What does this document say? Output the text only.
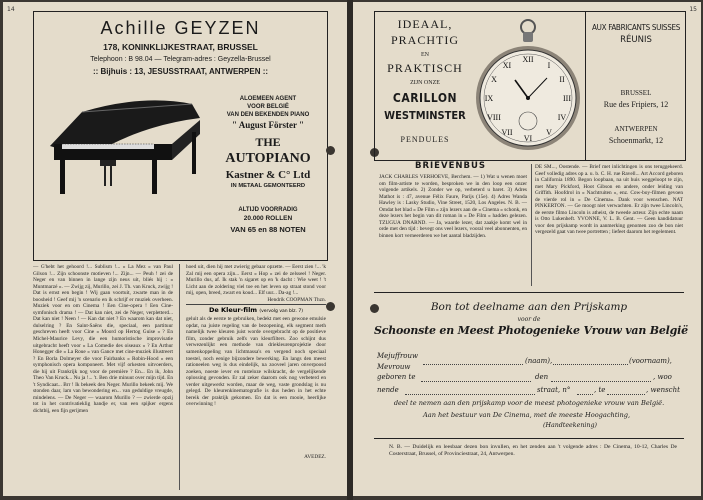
14
Achille GEYZEN
178, KONINKLIJKESTRAAT, BRUSSEL
Telephoon : B 98.04 — Telegram-adres : Geyzella-Brussel
:: Bijhuis : 13, JESUSSTRAAT, ANTWERPEN ::
ALOEMEEN AGENT
VOOR BELGIË
VAN DEN BEKENDEN PIANO
" August Förster "
THE
AUTOPIANO
Kastner & C° Ltd
IN METAAL GEMONTEERD
ALTIJD VOORRADIG
20.000 ROLLEN
VAN 65 en 88 NOTEN
— G'hebt het gehoord !... Sublism !... « La Mez » van Paul Gilson !... Zijn schoonste motieven !... Zijn... — Peuh ! zei de Neger en van binnen in lange zijn neus uit, bliés hij : « Muntmarzé ». — Zwijg zij, Murillo, zei J. Th. van Kruck, zwijg ! Dat is ernst een begin ! Wij gaan voortuit, zwarte man in de boosheid ! Geef mij 'n scenario en ik schrijf er muziek overheen. Muziek voor en om Cinema ! Een Cine-opera ! Een Cine-symfonisch drama ! — Dat kan niet, zei de Neger, verpletterd... Dat kan niet ! Neen ! — Kan dat niet ? En waarom kan dat niet, dulselring ? En Saint-Saëns die, speciaal, een partituur geschreven heeft voor Cine « Moord op Hertog Guise » ? En Michel-Maurice Levy, die een humoristische improvisatie uitgebracht heeft voor « La Comedie des oiseaux » ? En Arthur Honegger die « La Roue » van Gance met cine-muziek illustreert ? En Borla Dolmeyer die voor Fairbanks « Robin-Hood » een symphonisch opera komponeert. Met vijf orkesten uitvoerders, die hij uit Frankrijk nog voor de première ? En... En ik, John Theo Van Kruck... Nu ja !... 't. Ben drie minuut over mijn tijd. En 't Syndicaat... Brr ! Ik bekeek den Neger. Murillo bekeek mij. We stonden daar, lam van bewondering en... van geduldige vreugde, mindelens. — De Neger — waarom Murillo ? — zwierde opzij tot in het contrivatieklig handje er, van een spijker ergens dichtbij, een fijn gerijmen
hoed uit, dien hij met zwierig gebaar opzette. — Eerst zien !... 'k Zal mij een opera zijn... Eerst « Hop » zei de zelsseel ! Neger. Murillo dus, af. Ik stak 'n sigaret op en 'k dacht : Wie weet ! 't Licht aan de zoldering viel toe en het leven op straat stond voor mij, open, breed, zwart en koud... Elf uur... Da-ag !...
Hendrik COOPMAN Thzn.
De Kleur-film (vervolg van blz. 7)
geluit als de eerste te gebruiken, bedekt met een gewone emulsie opdat, na juiste regeling van de bezopening, elk segment meth namelijk twee kleuren juist worde overgebracht op de positieve film, zonder gebruik zelfs van kleurfilters. Zoo schijnt dus verwezenlijkt een methode van driekleurenprojektie door samenkoppeling van lichtmassa's en vergend noch speciaal toestel, noch eenige bijzondere bewerking. En langs den meest rationeelen weg is dus eindelijk, na zooveel jaren onverpoosd zoeken, noeste iever en rusteloze wilskracht, de vergelijkende oplossing gevonden. Er zal zeker daarom ook nog verbeterd en verder uitgewerkt worden, maar de weg, vaste grondslag is nu gelegd. De kleurenkinematografie is dus heden in het echte bereik der praktijk gekomen. En dat is een mooie, heerlijke overwinning !
AVEDEZ.
15
IDEAAL,
PRACHTIG
EN
PRAKTISCH
ZIJN ONZE
CARILLON
WESTMINSTER
PENDULES
XII
I
II
III
IV
V
VI
VII
VIII
IX
X
XI
AUX FABRICANTS SUISSES
RÉUNIS
BRUSSEL
Rue des Fripiers, 12
ANTWERPEN
Schoenmarkt, 12
BRIEVENBUS
JACK CHARLES VERHOEVE, Berchem. — 1) Wat u wenen moet om film-artiste te worden, besproken we in den loop een onzer volgende artikels. 2) Zonder we op, verbeterd u baret. 3) Adres Mathot is : 47, avenue Félix Faure, Parijs (15e). 4) Adres Wanda Hawley is : Lasky Studio, Vine Street, 1520, Los Angeles. N. B. — Omdat het blad « De Film » zijn lezers aan de « Cinema » schonk, en deze lezers het begin van dit roman in « De Film » hadden gelezen. TZUGUA DNARND. — Ja, waarde lezer, dat zaakje komt wel in orde met den tijd : bevegt ons veel lezers, vooral veel abonnenten, en binnen kort verneerderen we het aantal bladzijden.
DE SM..., Oostende. — Brief met inlichtingen is ons teruggekeerd. Geef volledig adres op a. u. b. C. H. rue Ravell... Art Accord geboren in California 1890. Begon loopbaan, na uit huis weggeloopt te zijn, met Mary Pickford, Hoot Gibson en andere, onder leiding van Griffith. Hoofdrol in « Nachtruiten », enz. Cow-boy-filmen gevoen de vierde rol in « De Cinema». Dank voor wenschen. NAT PINKERTON. — Ge moogt niet verwachten. Er zijn twee Lincoln's, de eerste filmo Lincoln is atheist, de tweede acteur. Zijn echte naam is Otto Lukenheft. YVONNE, V. L. B. Gent. — Geen kandidatuur voor den prijskamp wordt in aanmerking genomen zoo de bon niet vergezeld gaat van twee portretten ; liefeet daarom het regelement.
Bon tot deelname aan den Prijskamp
voor de
Schoonste en Meest Photogenieke Vrouw van België
Mejuffrouw
Mevrouw
(naam),	(voornaam),
geboren te	den	, woo
nende	straat, n°	, te	, wenscht
deel te nemen aan den prijskamp voor de meest photogenieke vrouw van België.
Aan het bestuur van De Cinema, met de meeste Hoogachting,
(Handteekening)
N. B. — Duidelijk en leesbaar dezen bon invullen, en het zenden aan 't volgende adres : De Cinema, 10-12, Charles De Costerstraat, Brussel, of Provinciestraat, 24, Antwerpen.
